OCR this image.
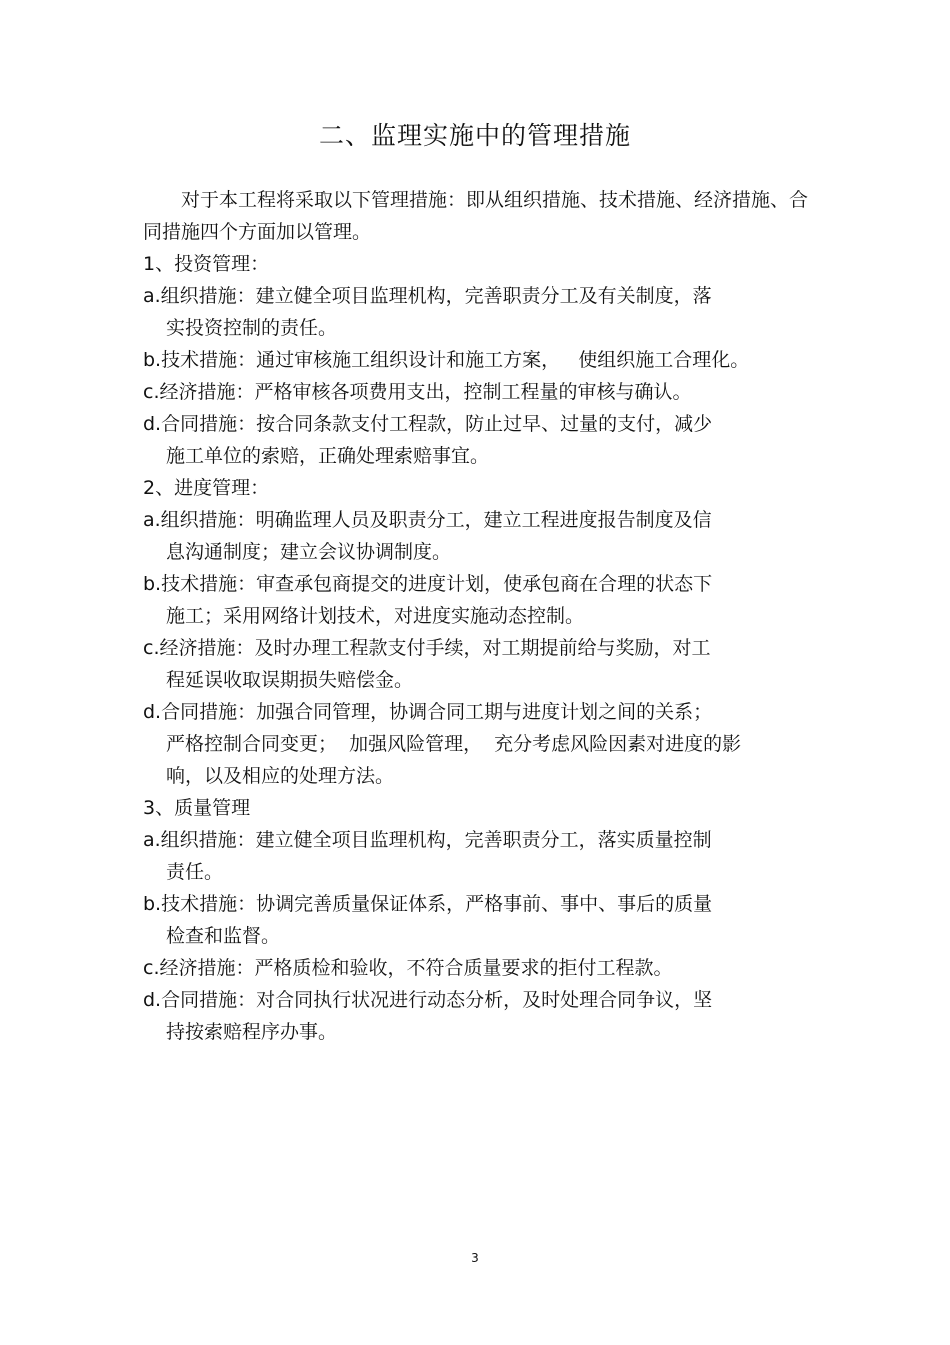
二、监理实施中的管理措施
对于本工程将采取以下管理措施：即从组织措施、技术措施、经济措施、合同措施四个方面加以管理。
1、投资管理：
a.组织措施：建立健全项目监理机构，完善职责分工及有关制度，落
实投资控制的责任。
b.技术措施：通过审核施工组织设计和施工方案，   使组织施工合理化。
c.经济措施：严格审核各项费用支出，控制工程量的审核与确认。
d.合同措施：按合同条款支付工程款，防止过早、过量的支付，减少
施工单位的索赔，正确处理索赔事宜。
2、进度管理：
a.组织措施：明确监理人员及职责分工，建立工程进度报告制度及信
息沟通制度；建立会议协调制度。
b.技术措施：审查承包商提交的进度计划，使承包商在合理的状态下
施工；采用网络计划技术，对进度实施动态控制。
c.经济措施：及时办理工程款支付手续，对工期提前给与奖励，对工
程延误收取误期损失赔偿金。
d.合同措施：加强合同管理，协调合同工期与进度计划之间的关系；
严格控制合同变更；  加强风险管理，  充分考虑风险因素对进度的影
响，以及相应的处理方法。
3、质量管理
a.组织措施：建立健全项目监理机构，完善职责分工，落实质量控制
责任。
b.技术措施：协调完善质量保证体系，严格事前、事中、事后的质量
检查和监督。
c.经济措施：严格质检和验收，不符合质量要求的拒付工程款。
d.合同措施：对合同执行状况进行动态分析，及时处理合同争议，坚
持按索赔程序办事。
3
